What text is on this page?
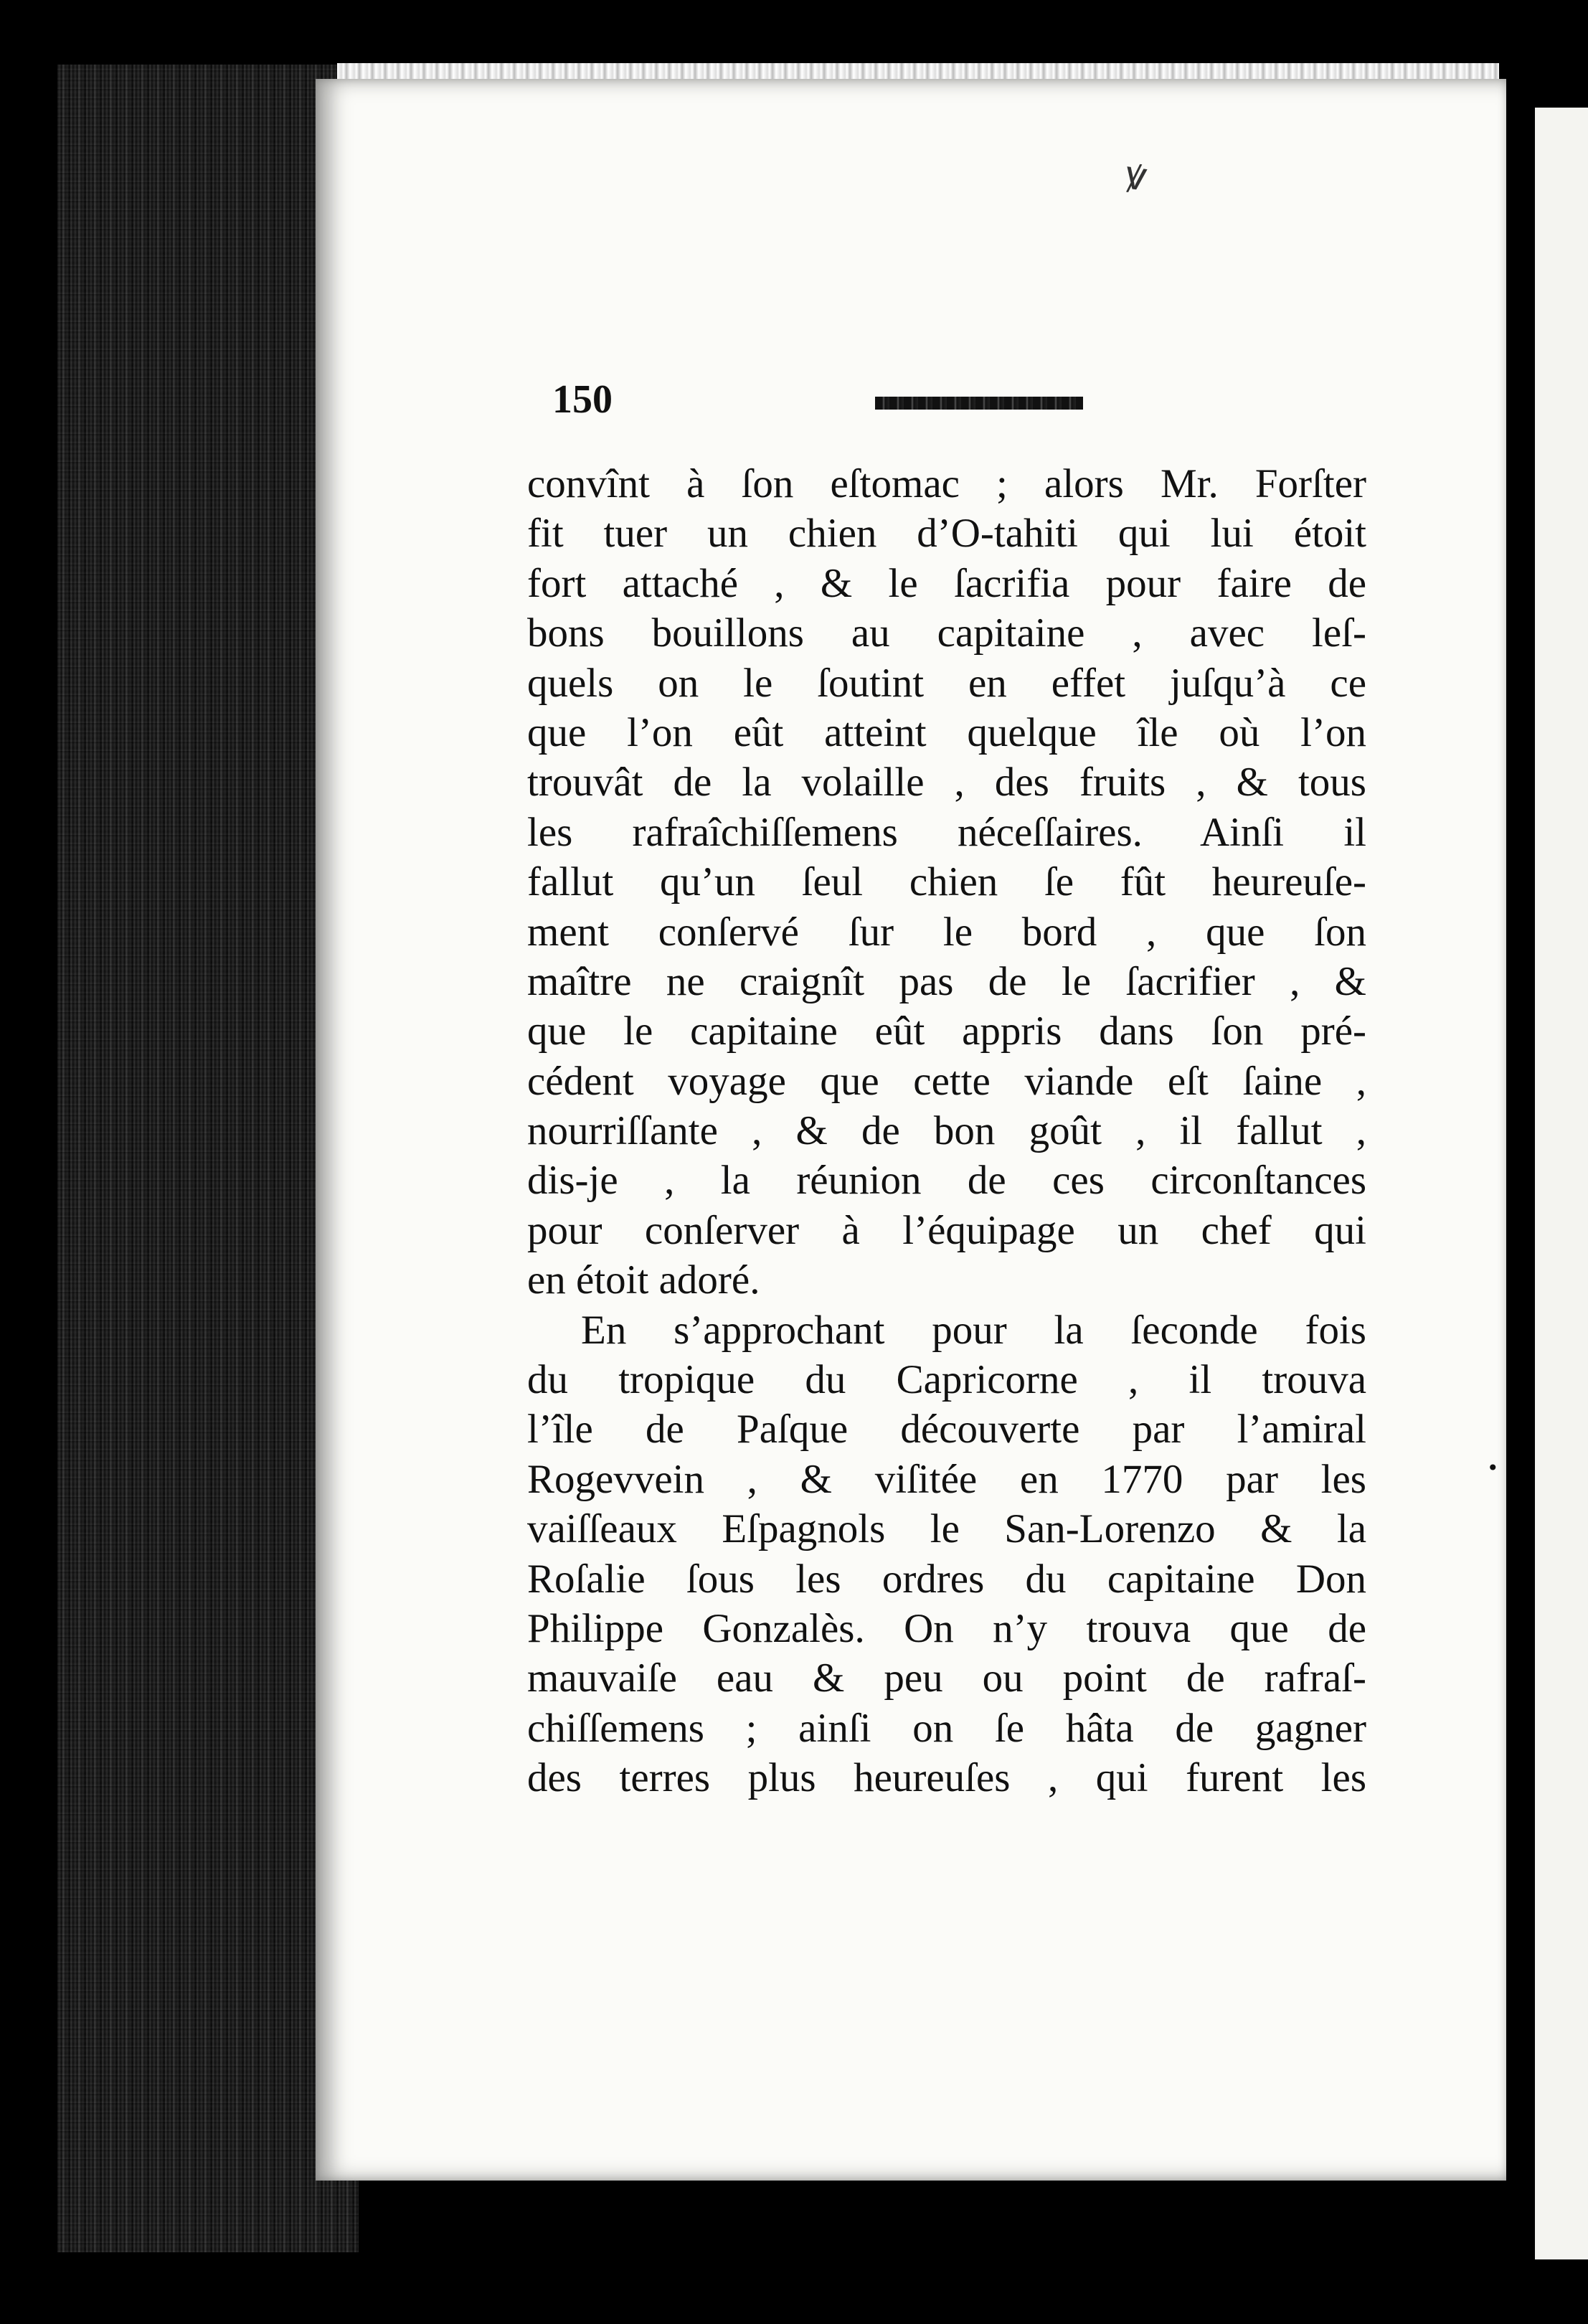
ꝟ
150
convînt à ſon eſtomac ; alors Mr. Forſter
fit tuer un chien d’O-tahiti qui lui étoit
fort attaché , & le ſacrifia pour faire de
bons bouillons au capitaine , avec leſ-
quels on le ſoutint en effet juſqu’à ce
que l’on eût atteint quelque île où l’on
trouvât de la volaille , des fruits , & tous
les rafraîchiſſemens néceſſaires. Ainſi il
fallut qu’un ſeul chien ſe fût heureuſe-
ment conſervé ſur le bord , que ſon
maître ne craignît pas de le ſacrifier , &
que le capitaine eût appris dans ſon pré-
cédent voyage que cette viande eſt ſaine ,
nourriſſante , & de bon goût , il fallut ,
dis-je , la réunion de ces circonſtances
pour conſerver à l’équipage un chef qui
en étoit adoré.
En s’approchant pour la ſeconde fois
du tropique du Capricorne , il trouva
l’île de Paſque découverte par l’amiral
Rogevvein , & viſitée en 1770 par les
vaiſſeaux Eſpagnols le San-Lorenzo & la
Roſalie ſous les ordres du capitaine Don
Philippe Gonzalès. On n’y trouva que de
mauvaiſe eau & peu ou point de rafraſ-
chiſſemens ; ainſi on ſe hâta de gagner
des terres plus heureuſes , qui furent les
•
